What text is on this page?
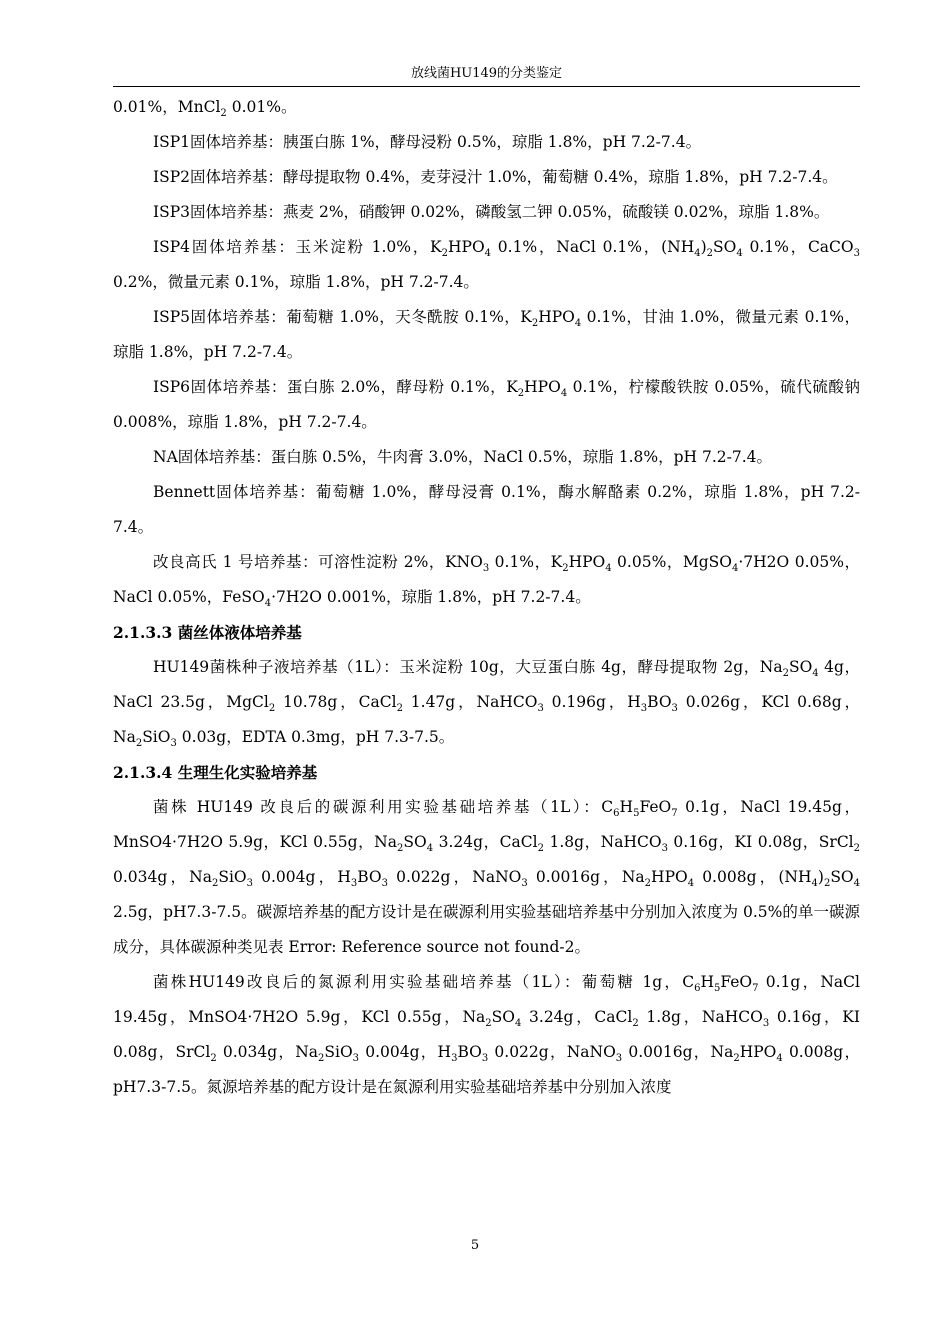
放线菌HU149的分类鉴定
0.01%，MnCl$_2$ 0.01%。
ISP1固体培养基：胰蛋白胨 1%，酵母浸粉 0.5%，琼脂 1.8%，pH 7.2-7.4。
ISP2固体培养基：酵母提取物 0.4%，麦芽浸汁 1.0%，葡萄糖 0.4%，琼脂 1.8%，pH 7.2-7.4。
ISP3固体培养基：燕麦 2%，硝酸钾 0.02%，磷酸氢二钾 0.05%，硫酸镁 0.02%，琼脂 1.8%。
ISP4固体培养基：玉米淀粉 1.0%，$K_2HPO_4$ 0.1%，NaCl 0.1%，$(NH_4)_2SO_4$ 0.1%，CaCO$_3$ 0.2%，微量元素 0.1%，琼脂 1.8%，pH 7.2-7.4。
ISP5固体培养基：葡萄糖 1.0%，天冬酰胺 0.1%，$K_2HPO_4$ 0.1%，甘油 1.0%，微量元素 0.1%，琼脂 1.8%，pH 7.2-7.4。
ISP6固体培养基：蛋白胨 2.0%，酵母粉 0.1%，$K_2HPO_4$ 0.1%，柠檬酸铁胺 0.05%，硫代硫酸钠 0.008%，琼脂 1.8%，pH 7.2-7.4。
NA固体培养基：蛋白胨 0.5%，牛肉膏 3.0%，NaCl 0.5%，琼脂 1.8%，pH 7.2-7.4。
Bennett固体培养基：葡萄糖 1.0%，酵母浸膏 0.1%，酶水解酪素 0.2%，琼脂 1.8%，pH 7.2-7.4。
改良高氏 1 号培养基：可溶性淀粉 2%，$KNO_3$ 0.1%，$K_2HPO_4$ 0.05%，MgSO$_4$·7H2O 0.05%，NaCl 0.05%，FeSO$_4$·7H2O 0.001%，琼脂 1.8%，pH 7.2-7.4。
2.1.3.3 菌丝体液体培养基
HU149菌株种子液培养基（1L）：玉米淀粉 10g，大豆蛋白胨 4g，酵母提取物 2g，$Na_2SO_4$ 4g，NaCl 23.5g，MgCl$_2$ 10.78g，CaCl$_2$ 1.47g，NaHCO$_3$ 0.196g，$H_3BO_3$ 0.026g，KCl 0.68g，$Na_2SiO_3$ 0.03g，EDTA 0.3mg，pH 7.3-7.5。
2.1.3.4 生理生化实验培养基
菌株 HU149 改良后的碳源利用实验基础培养基（1L）：$C_6H_5FeO_7$ 0.1g，NaCl 19.45g，MnSO4·7H2O 5.9g，KCl 0.55g，$Na_2SO_4$ 3.24g，CaCl$_2$ 1.8g，NaHCO$_3$ 0.16g，KI 0.08g，SrCl$_2$ 0.034g，$Na_2SiO_3$ 0.004g，$H_3BO_3$ 0.022g，NaNO$_3$ 0.0016g，$Na_2HPO_4$ 0.008g，$(NH_4)_2SO_4$ 2.5g，pH7.3-7.5。碳源培养基的配方设计是在碳源利用实验基础培养基中分别加入浓度为 0.5%的单一碳源成分，具体碳源种类见表 Error: Reference source not found-2。
菌株HU149改良后的氮源利用实验基础培养基（1L）：葡萄糖 1g，$C_6H_5FeO_7$ 0.1g，NaCl 19.45g，MnSO4·7H2O 5.9g，KCl 0.55g，$Na_2SO_4$ 3.24g，CaCl$_2$ 1.8g，NaHCO$_3$ 0.16g，KI 0.08g，SrCl$_2$ 0.034g，$Na_2SiO_3$ 0.004g，$H_3BO_3$ 0.022g，NaNO$_3$ 0.0016g，$Na_2HPO_4$ 0.008g，pH7.3-7.5。氮源培养基的配方设计是在氮源利用实验基础培养基中分别加入浓度
5
